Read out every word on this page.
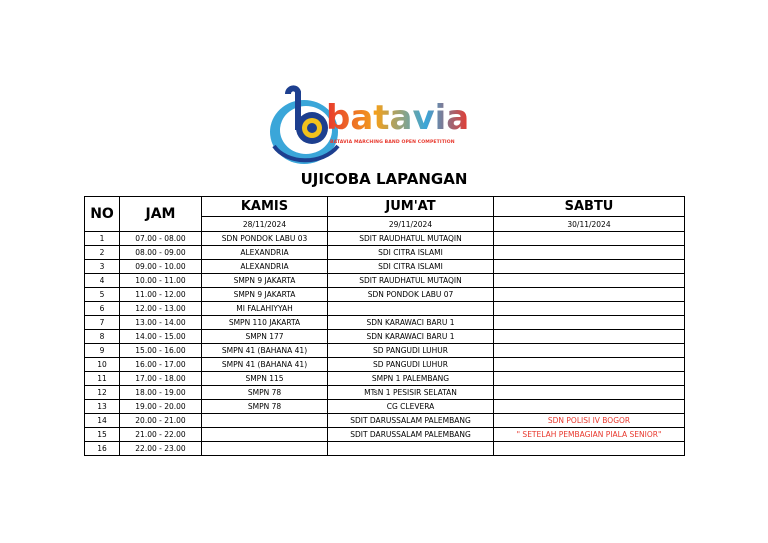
batavia
BATAVIA MARCHING BAND OPEN COMPETITION
UJICOBA LAPANGAN
NO	JAM	KAMIS	JUM'AT	SABTU
		28/11/2024	29/11/2024	30/11/2024
1	07.00 - 08.00	SDN PONDOK LABU 03	SDIT RAUDHATUL MUTAQIN	
2	08.00 - 09.00	ALEXANDRIA	SDI CITRA ISLAMI	
3	09.00 - 10.00	ALEXANDRIA	SDI CITRA ISLAMI	
4	10.00 - 11.00	SMPN 9 JAKARTA	SDIT RAUDHATUL MUTAQIN	
5	11.00 - 12.00	SMPN 9 JAKARTA	SDN PONDOK LABU 07	
6	12.00 - 13.00	MI FALAHIYYAH		
7	13.00 - 14.00	SMPN 110 JAKARTA	SDN KARAWACI BARU 1	
8	14.00 - 15.00	SMPN 177	SDN KARAWACI BARU 1	
9	15.00 - 16.00	SMPN 41 (BAHANA 41)	SD PANGUDI LUHUR	
10	16.00 - 17.00	SMPN 41 (BAHANA 41)	SD PANGUDI LUHUR	
11	17.00 - 18.00	SMPN 115	SMPN 1 PALEMBANG	
12	18.00 - 19.00	SMPN 78	MTsN 1 PESISIR SELATAN	
13	19.00 - 20.00	SMPN 78	CG CLEVERA	
14	20.00 - 21.00		SDIT DARUSSALAM PALEMBANG	SDN POLISI IV BOGOR
15	21.00 - 22.00		SDIT DARUSSALAM PALEMBANG	" SETELAH PEMBAGIAN PIALA SENIOR"
16	22.00 - 23.00			
